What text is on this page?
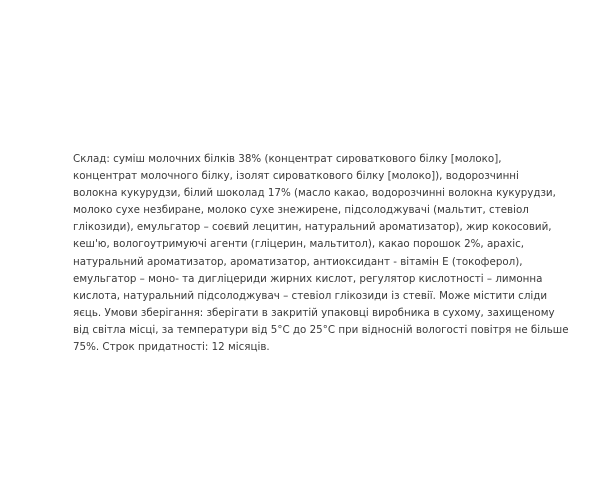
Склад: суміш молочних білків 38% (концентрат сироваткового білку [молоко],
концентрат молочного білку, ізолят сироваткового білку [молоко]), водорозчинні
волокна кукурудзи, білий шоколад 17% (масло какао, водорозчинні волокна кукурудзи,
молоко сухе незбиране, молоко сухе знежирене, підсолоджувачі (мальтит, стевіол
глікозиди), емульгатор – соєвий лецитин, натуральний ароматизатор), жир кокосовий,
кеш'ю, вологоутримуючі агенти (гліцерин, мальтитол), какао порошок 2%, арахіс,
натуральний ароматизатор, ароматизатор, антиоксидант - вітамін Е (токоферол),
емульгатор – моно- та дигліцериди жирних кислот, регулятор кислотності – лимонна
кислота, натуральний підсолоджувач – стевіол глікозиди із стевії. Може містити сліди
яєць. Умови зберігання: зберігати в закритій упаковці виробника в сухому, захищеному
від світла місці, за температури від 5°С до 25°С при відносній вологості повітря не більше
75%. Строк придатності: 12 місяців.
